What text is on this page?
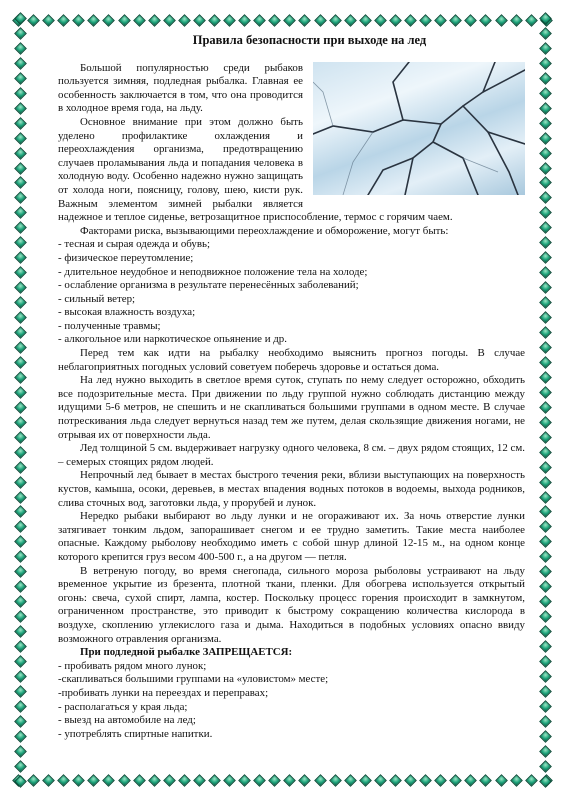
Правила безопасности при выходе на лед

Большой популярностью среди рыбаков пользуется зимняя, подледная рыбалка. Главная ее особенность заключается в том, что она проводится в холодное время года, на льду.

Основное внимание при этом должно быть уделено профилактике охлаждения и переохлаждения организма, предотвращению случаев проламывания льда и попадания человека в холодную воду. Особенно надежно нужно защищать от холода ноги, поясницу, голову, шею, кисти рук. Важным элементом зимней рыбалки является надежное и теплое сиденье, ветрозащитное приспособление, термос с горячим чаем.

Факторами риска, вызывающими переохлаждение и обморожение, могут быть:

- тесная и сырая одежда и обувь;

- физическое переутомление;

- длительное неудобное и неподвижное положение тела на холоде;

- ослабление организма в результате перенесённых заболеваний;

- сильный ветер;

- высокая влажность воздуха;

- полученные травмы;

- алкогольное или наркотическое опьянение и др.

Перед тем как идти на рыбалку необходимо выяснить прогноз погоды. В случае неблагоприятных погодных условий советуем поберечь здоровье и остаться дома.

На лед нужно выходить в светлое время суток, ступать по нему следует осторожно, обходить все подозрительные места. При движении по льду группой нужно соблюдать дистанцию между идущими 5-6 метров, не спешить и не скапливаться большими группами в одном месте. В случае потрескивания льда следует вернуться назад тем же путем, делая скользящие движения ногами, не отрывая их от поверхности льда.

Лед толщиной 5 см. выдерживает нагрузку одного человека, 8 см. – двух рядом стоящих, 12 см. – семерых стоящих рядом людей.

Непрочный лед бывает в местах быстрого течения реки, вблизи выступающих на поверхность кустов, камыша, осоки, деревьев, в местах впадения водных потоков в водоемы, выхода родников, слива сточных вод, заготовки льда, у прорубей и лунок.

Нередко рыбаки выбирают во льду лунки и не огораживают их. За ночь отверстие лунки затягивает тонким льдом, запорашивает снегом и ее трудно заметить. Такие места наиболее опасные. Каждому рыболову необходимо иметь с собой шнур длиной 12-15 м., на одном конце которого крепится груз весом 400-500 г., а на другом — петля.

В ветреную погоду, во время снегопада, сильного мороза рыболовы устраивают на льду временное укрытие из брезента, плотной ткани, пленки. Для обогрева используется открытый огонь: свеча, сухой спирт, лампа, костер. Поскольку процесс горения происходит в замкнутом, ограниченном пространстве, это приводит к быстрому сокращению количества кислорода в воздухе, скоплению углекислого газа и дыма. Находиться в подобных условиях опасно ввиду возможного отравления организма.

При подледной рыбалке ЗАПРЕЩАЕТСЯ:

- пробивать рядом много лунок;

-скапливаться большими группами на «уловистом» месте;

-пробивать лунки на переездах и переправах;

- располагаться у края льда;

- выезд на автомобиле на лед;

- употреблять спиртные напитки.
